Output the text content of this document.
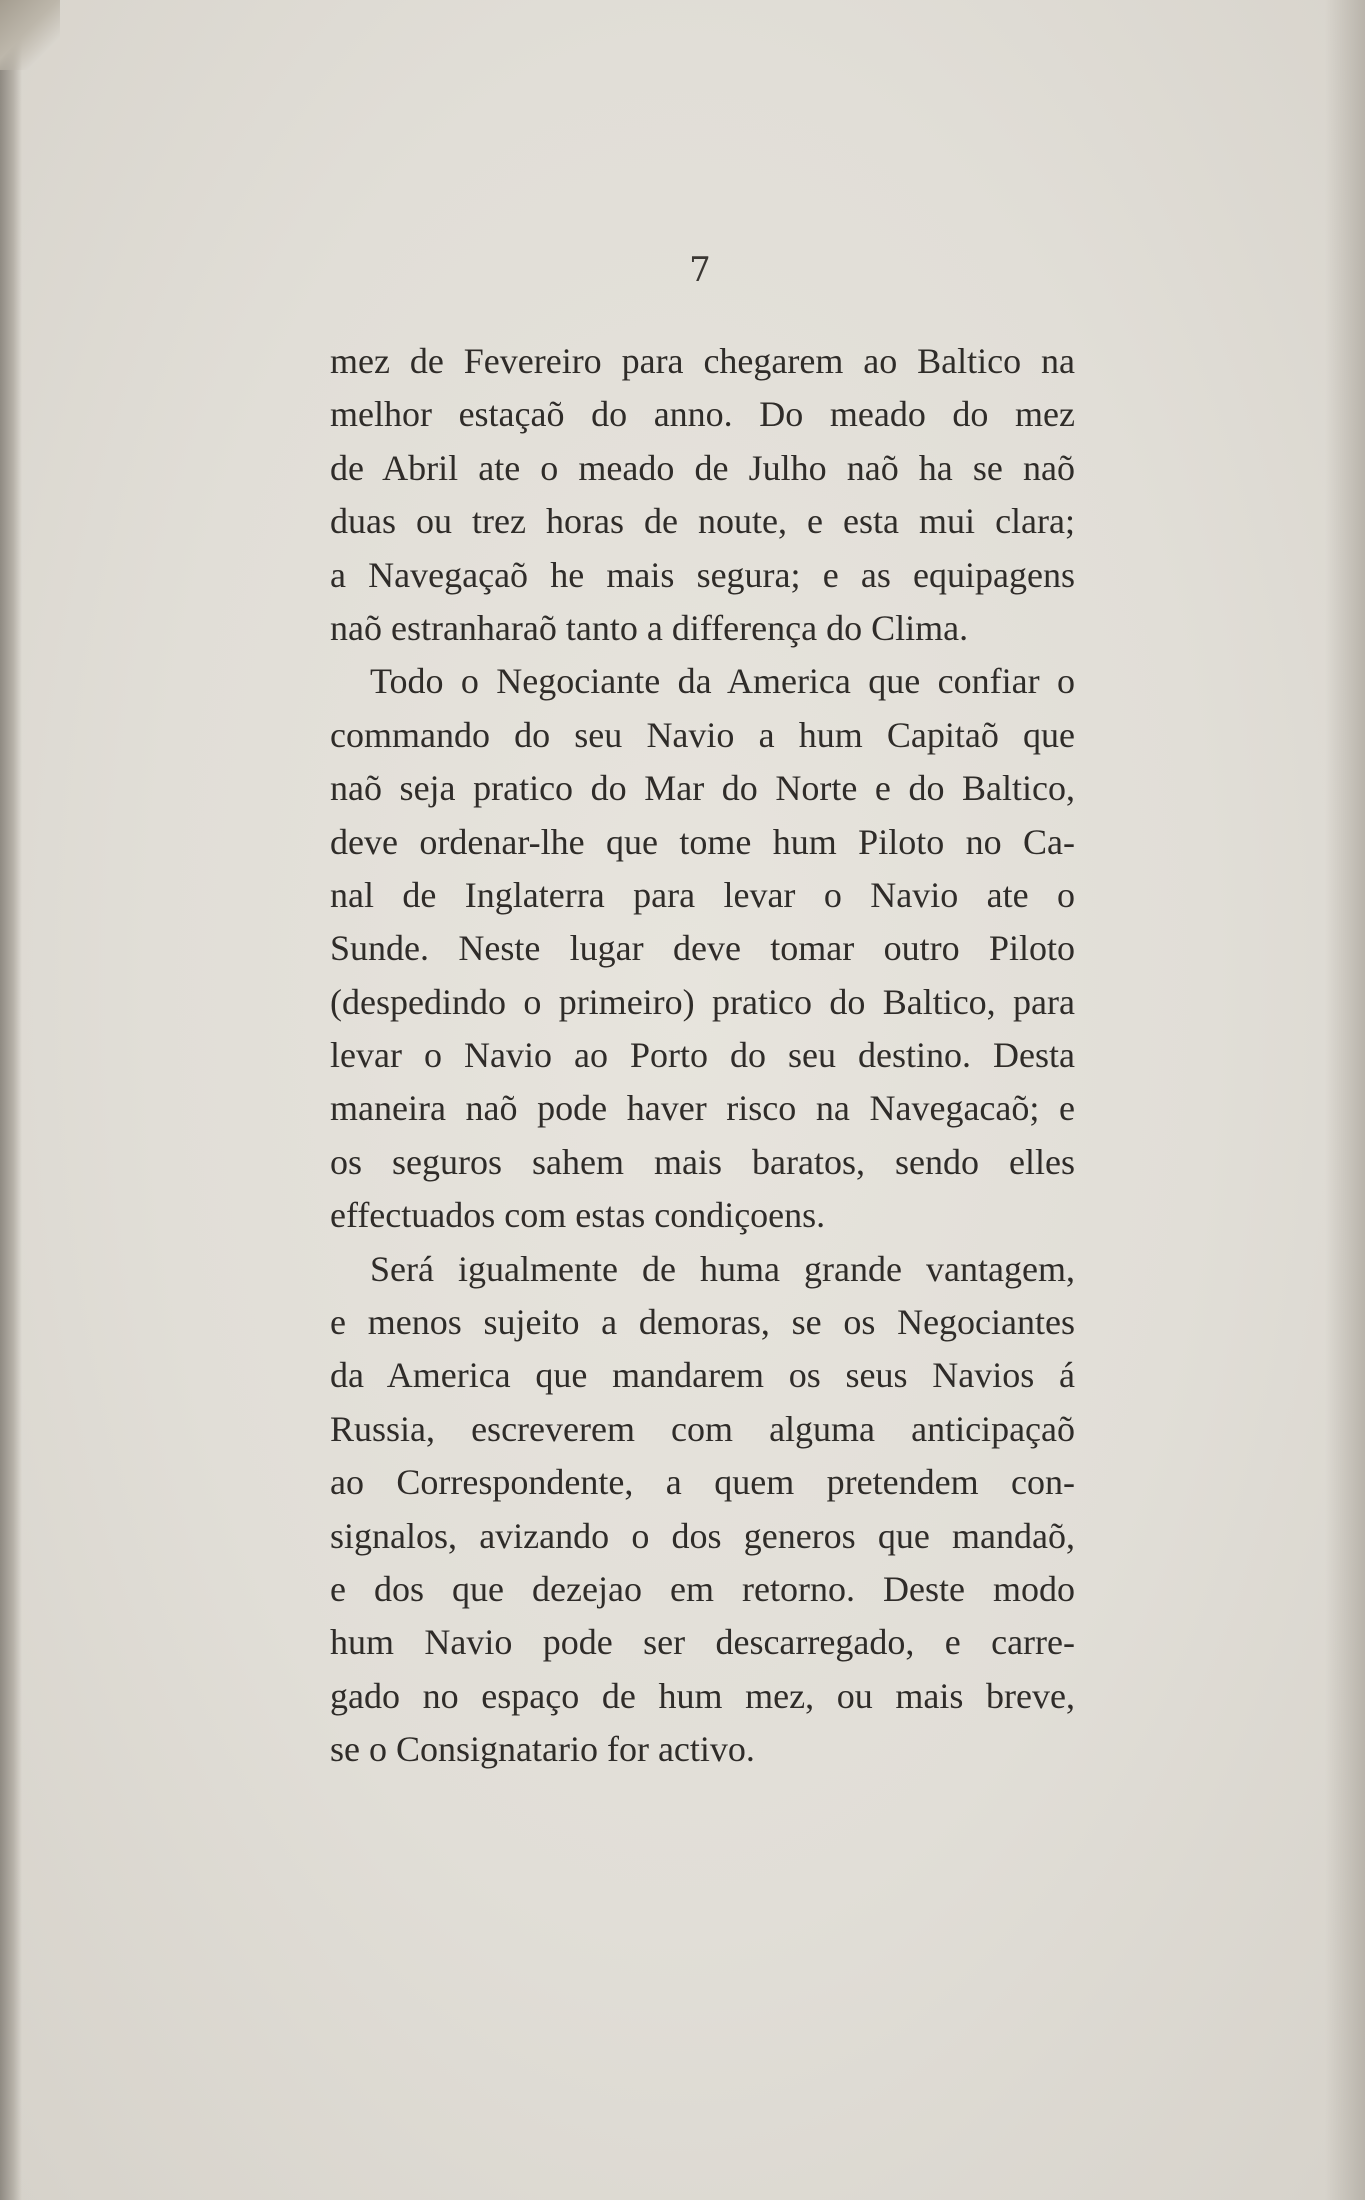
7

mez de Fevereiro para chegarem ao Baltico na
melhor estaçaõ do anno. Do meado do mez
de Abril ate o meado de Julho naõ ha se naõ
duas ou trez horas de noute, e esta mui clara;
a Navegaçaõ he mais segura; e as equipagens
naõ estranharaõ tanto a differença do Clima.

Todo o Negociante da America que confiar o
commando do seu Navio a hum Capitaõ que
naõ seja pratico do Mar do Norte e do Baltico,
deve ordenar-lhe que tome hum Piloto no Ca-
nal de Inglaterra para levar o Navio ate o
Sunde. Neste lugar deve tomar outro Piloto
(despedindo o primeiro) pratico do Baltico, para
levar o Navio ao Porto do seu destino. Desta
maneira naõ pode haver risco na Navegacaõ; e
os seguros sahem mais baratos, sendo elles
effectuados com estas condiçoens.

Será igualmente de huma grande vantagem,
e menos sujeito a demoras, se os Negociantes
da America que mandarem os seus Navios á
Russia, escreverem com alguma anticipaçaõ
ao Correspondente, a quem pretendem con-
signalos, avizando o dos generos que mandaõ,
e dos que dezejao em retorno. Deste modo
hum Navio pode ser descarregado, e carre-
gado no espaço de hum mez, ou mais breve,
se o Consignatario for activo.
